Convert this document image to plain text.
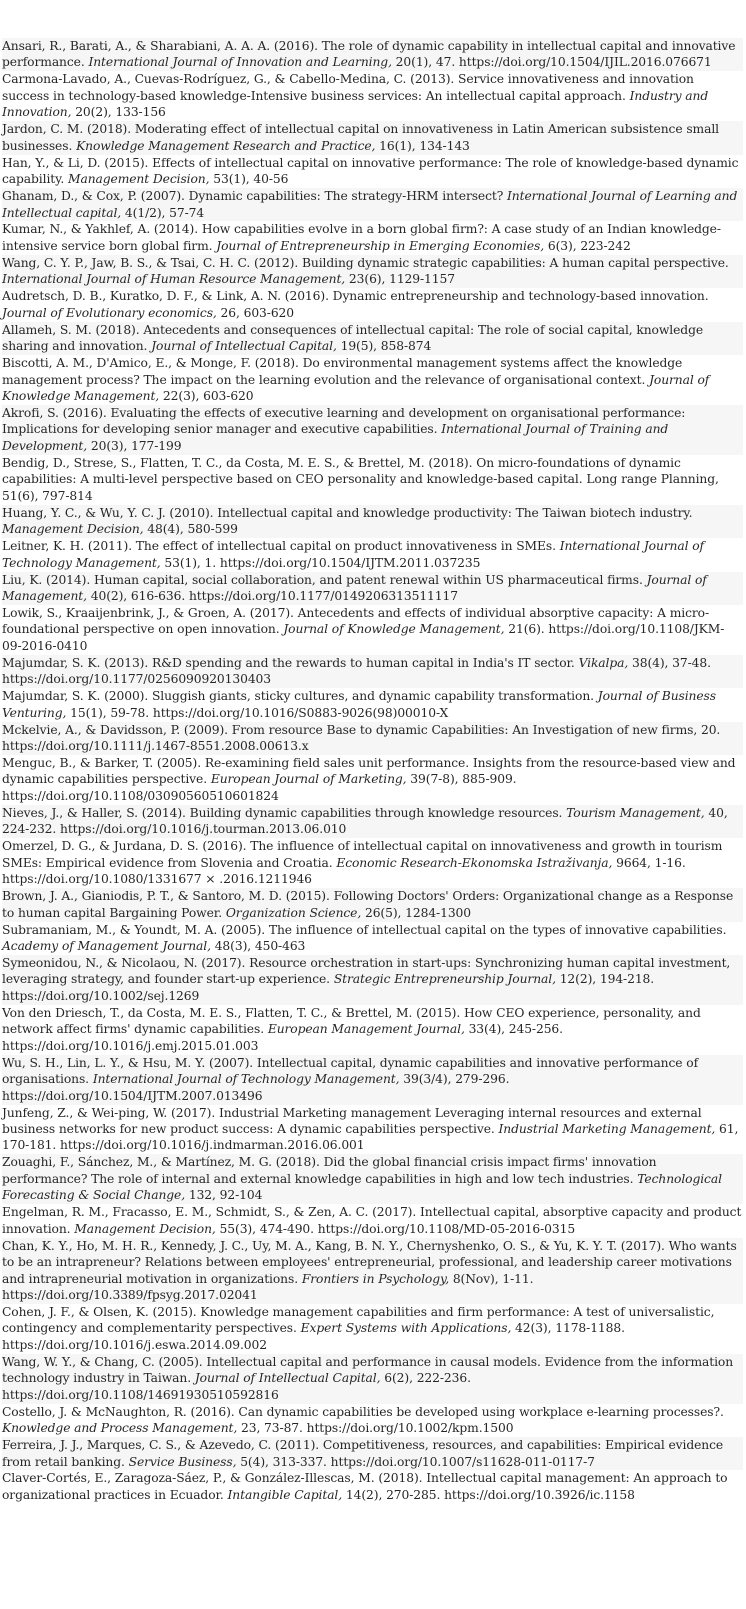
Ansari, R., Barati, A., & Sharabiani, A. A. A. (2016). The role of dynamic capability in intellectual capital and innovative performance. International Journal of Innovation and Learning, 20(1), 47. https://doi.org/10.1504/IJIL.2016.076671
Carmona-Lavado, A., Cuevas-Rodríguez, G., & Cabello-Medina, C. (2013). Service innovativeness and innovation success in technology-based knowledge-Intensive business services: An intellectual capital approach. Industry and Innovation, 20(2), 133-156
Jardon, C. M. (2018). Moderating effect of intellectual capital on innovativeness in Latin American subsistence small businesses. Knowledge Management Research and Practice, 16(1), 134-143
Han, Y., & Li, D. (2015). Effects of intellectual capital on innovative performance: The role of knowledge-based dynamic capability. Management Decision, 53(1), 40-56
Ghanam, D., & Cox, P. (2007). Dynamic capabilities: The strategy-HRM intersect? International Journal of Learning and Intellectual capital, 4(1/2), 57-74
Kumar, N., & Yakhlef, A. (2014). How capabilities evolve in a born global firm?: A case study of an Indian knowledge-intensive service born global firm. Journal of Entrepreneurship in Emerging Economies, 6(3), 223-242
Wang, C. Y. P., Jaw, B. S., & Tsai, C. H. C. (2012). Building dynamic strategic capabilities: A human capital perspective. International Journal of Human Resource Management, 23(6), 1129-1157
Audretsch, D. B., Kuratko, D. F., & Link, A. N. (2016). Dynamic entrepreneurship and technology-based innovation. Journal of Evolutionary economics, 26, 603-620
Allameh, S. M. (2018). Antecedents and consequences of intellectual capital: The role of social capital, knowledge sharing and innovation. Journal of Intellectual Capital, 19(5), 858-874
Biscotti, A. M., D'Amico, E., & Monge, F. (2018). Do environmental management systems affect the knowledge management process? The impact on the learning evolution and the relevance of organisational context. Journal of Knowledge Management, 22(3), 603-620
Akrofi, S. (2016). Evaluating the effects of executive learning and development on organisational performance: Implications for developing senior manager and executive capabilities. International Journal of Training and Development, 20(3), 177-199
Bendig, D., Strese, S., Flatten, T. C., da Costa, M. E. S., & Brettel, M. (2018). On micro-foundations of dynamic capabilities: A multi-level perspective based on CEO personality and knowledge-based capital. Long range Planning, 51(6), 797-814
Huang, Y. C., & Wu, Y. C. J. (2010). Intellectual capital and knowledge productivity: The Taiwan biotech industry. Management Decision, 48(4), 580-599
Leitner, K. H. (2011). The effect of intellectual capital on product innovativeness in SMEs. International Journal of Technology Management, 53(1), 1. https://doi.org/10.1504/IJTM.2011.037235
Liu, K. (2014). Human capital, social collaboration, and patent renewal within US pharmaceutical firms. Journal of Management, 40(2), 616-636. https://doi.org/10.1177/0149206313511117
Lowik, S., Kraaijenbrink, J., & Groen, A. (2017). Antecedents and effects of individual absorptive capacity: A micro-foundational perspective on open innovation. Journal of Knowledge Management, 21(6). https://doi.org/10.1108/JKM-09-2016-0410
Majumdar, S. K. (2013). R&D spending and the rewards to human capital in India's IT sector. Vikalpa, 38(4), 37-48. https://doi.org/10.1177/0256090920130403
Majumdar, S. K. (2000). Sluggish giants, sticky cultures, and dynamic capability transformation. Journal of Business Venturing, 15(1), 59-78. https://doi.org/10.1016/S0883-9026(98)00010-X
Mckelvie, A., & Davidsson, P. (2009). From resource Base to dynamic Capabilities: An Investigation of new firms, 20. https://doi.org/10.1111/j.1467-8551.2008.00613.x
Menguc, B., & Barker, T. (2005). Re-examining field sales unit performance. Insights from the resource-based view and dynamic capabilities perspective. European Journal of Marketing, 39(7-8), 885-909. https://doi.org/10.1108/03090560510601824
Nieves, J., & Haller, S. (2014). Building dynamic capabilities through knowledge resources. Tourism Management, 40, 224-232. https://doi.org/10.1016/j.tourman.2013.06.010
Omerzel, D. G., & Jurdana, D. S. (2016). The influence of intellectual capital on innovativeness and growth in tourism SMEs: Empirical evidence from Slovenia and Croatia. Economic Research-Ekonomska Istraživanja, 9664, 1-16. https://doi.org/10.1080/1331677 × .2016.1211946
Brown, J. A., Gianiodis, P. T., & Santoro, M. D. (2015). Following Doctors' Orders: Organizational change as a Response to human capital Bargaining Power. Organization Science, 26(5), 1284-1300
Subramaniam, M., & Youndt, M. A. (2005). The influence of intellectual capital on the types of innovative capabilities. Academy of Management Journal, 48(3), 450-463
Symeonidou, N., & Nicolaou, N. (2017). Resource orchestration in start-ups: Synchronizing human capital investment, leveraging strategy, and founder start-up experience. Strategic Entrepreneurship Journal, 12(2), 194-218. https://doi.org/10.1002/sej.1269
Von den Driesch, T., da Costa, M. E. S., Flatten, T. C., & Brettel, M. (2015). How CEO experience, personality, and network affect firms' dynamic capabilities. European Management Journal, 33(4), 245-256. https://doi.org/10.1016/j.emj.2015.01.003
Wu, S. H., Lin, L. Y., & Hsu, M. Y. (2007). Intellectual capital, dynamic capabilities and innovative performance of organisations. International Journal of Technology Management, 39(3/4), 279-296. https://doi.org/10.1504/IJTM.2007.013496
Junfeng, Z., & Wei-ping, W. (2017). Industrial Marketing management Leveraging internal resources and external business networks for new product success: A dynamic capabilities perspective. Industrial Marketing Management, 61, 170-181. https://doi.org/10.1016/j.indmarman.2016.06.001
Zouaghi, F., Sánchez, M., & Martínez, M. G. (2018). Did the global financial crisis impact firms' innovation performance? The role of internal and external knowledge capabilities in high and low tech industries. Technological Forecasting & Social Change, 132, 92-104
Engelman, R. M., Fracasso, E. M., Schmidt, S., & Zen, A. C. (2017). Intellectual capital, absorptive capacity and product innovation. Management Decision, 55(3), 474-490. https://doi.org/10.1108/MD-05-2016-0315
Chan, K. Y., Ho, M. H. R., Kennedy, J. C., Uy, M. A., Kang, B. N. Y., Chernyshenko, O. S., & Yu, K. Y. T. (2017). Who wants to be an intrapreneur? Relations between employees' entrepreneurial, professional, and leadership career motivations and intrapreneurial motivation in organizations. Frontiers in Psychology, 8(Nov), 1-11. https://doi.org/10.3389/fpsyg.2017.02041
Cohen, J. F., & Olsen, K. (2015). Knowledge management capabilities and firm performance: A test of universalistic, contingency and complementarity perspectives. Expert Systems with Applications, 42(3), 1178-1188. https://doi.org/10.1016/j.eswa.2014.09.002
Wang, W. Y., & Chang, C. (2005). Intellectual capital and performance in causal models. Evidence from the information technology industry in Taiwan. Journal of Intellectual Capital, 6(2), 222-236. https://doi.org/10.1108/14691930510592816
Costello, J. & McNaughton, R. (2016). Can dynamic capabilities be developed using workplace e-learning processes?. Knowledge and Process Management, 23, 73-87. https://doi.org/10.1002/kpm.1500
Ferreira, J. J., Marques, C. S., & Azevedo, C. (2011). Competitiveness, resources, and capabilities: Empirical evidence from retail banking. Service Business, 5(4), 313-337. https://doi.org/10.1007/s11628-011-0117-7
Claver-Cortés, E., Zaragoza-Sáez, P., & González-Illescas, M. (2018). Intellectual capital management: An approach to organizational practices in Ecuador. Intangible Capital, 14(2), 270-285. https://doi.org/10.3926/ic.1158
